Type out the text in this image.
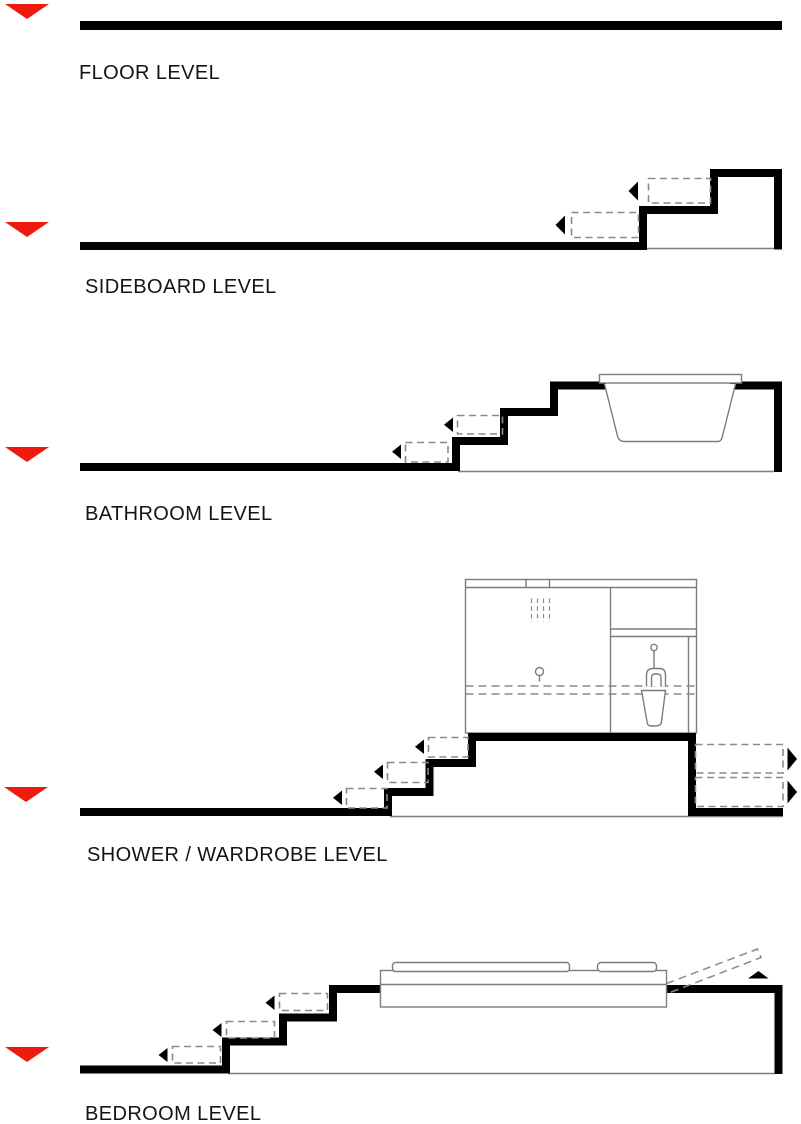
FLOOR LEVEL
SIDEBOARD LEVEL
BATHROOM LEVEL
SHOWER / WARDROBE LEVEL
BEDROOM LEVEL
